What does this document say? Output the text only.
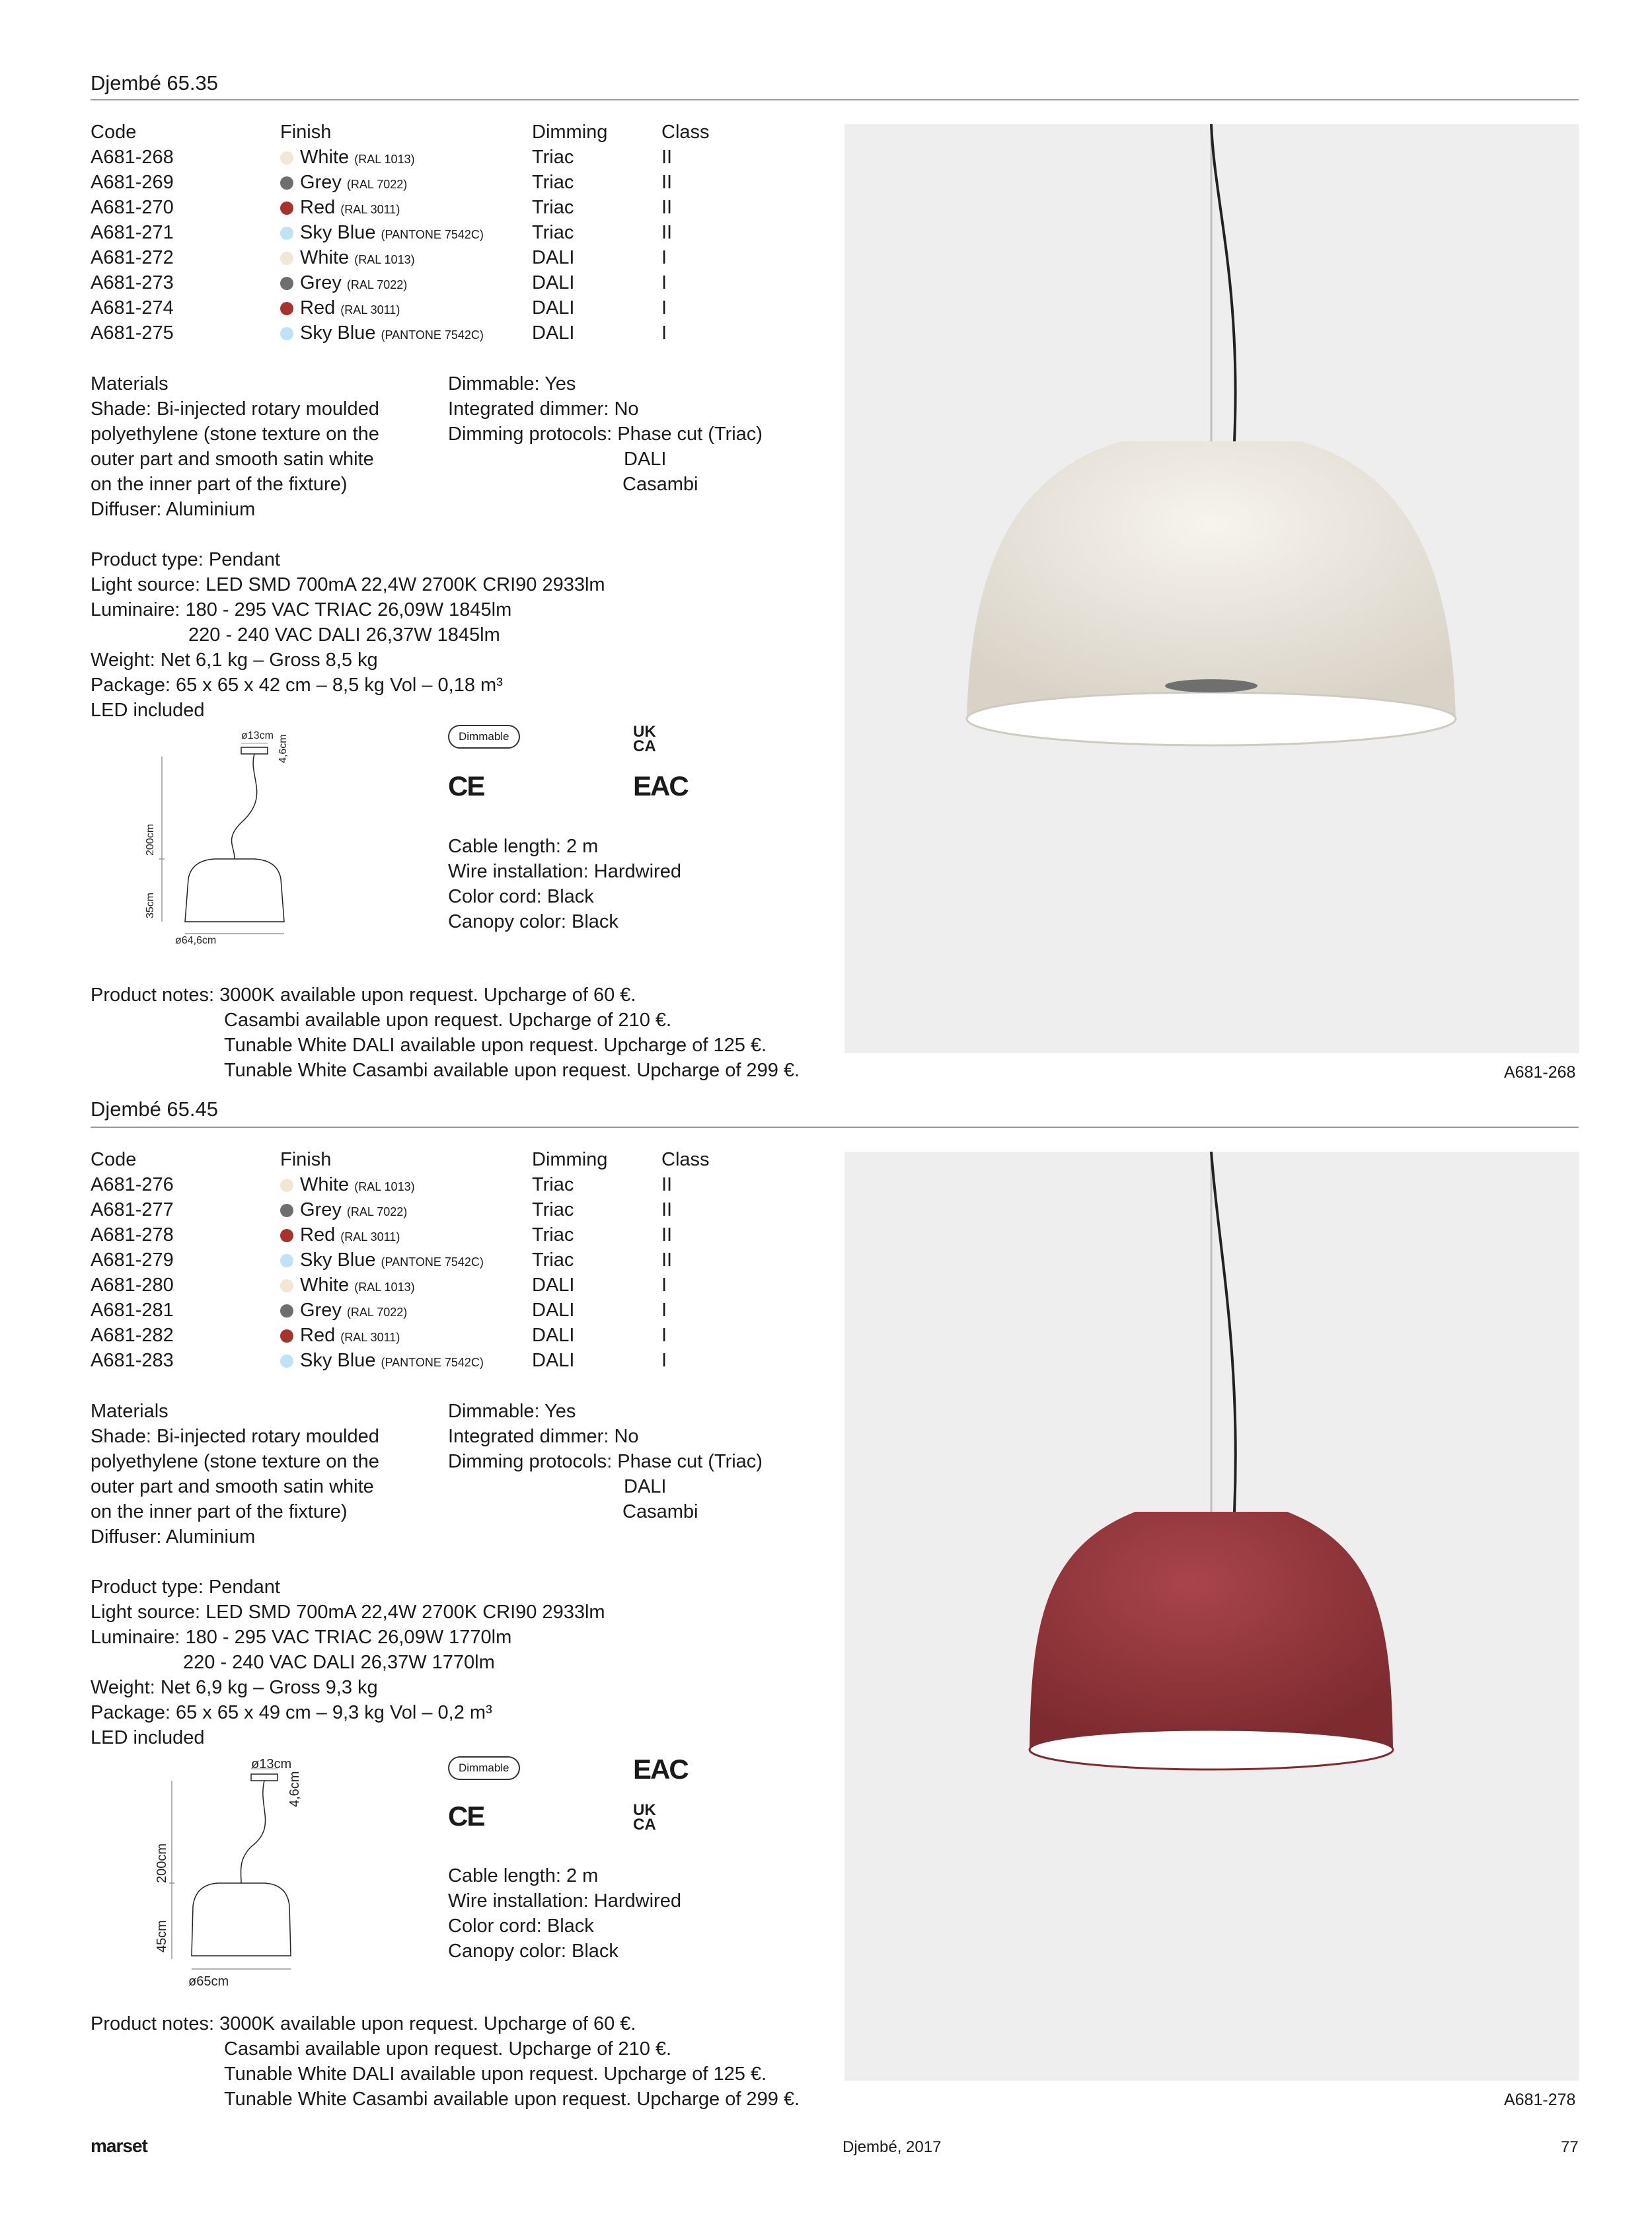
Djembé 65.35
Code	Finish	Dimming	Class
A681-268	White (RAL 1013)	Triac	II
A681-269	Grey (RAL 7022)	Triac	II
A681-270	Red (RAL 3011)	Triac	II
A681-271	Sky Blue (PANTONE 7542C)	Triac	II
A681-272	White (RAL 1013)	DALI	I
A681-273	Grey (RAL 7022)	DALI	I
A681-274	Red (RAL 3011)	DALI	I
A681-275	Sky Blue (PANTONE 7542C)	DALI	I
Materials
Shade: Bi-injected rotary moulded
polyethylene (stone texture on the
outer part and smooth satin white
on the inner part of the fixture)
Diffuser: Aluminium
Dimmable: Yes
Integrated dimmer: No
Dimming protocols: Phase cut (Triac)
DALI
Casambi
Product type: Pendant
Light source: LED SMD 700mA 22,4W 2700K CRI90 2933lm
Luminaire: 180 - 295 VAC TRIAC 26,09W 1845lm
220 - 240 VAC DALI 26,37W 1845lm
Weight: Net 6,1 kg – Gross 8,5 kg
Package: 65 x 65 x 42 cm – 8,5 kg Vol – 0,18 m³
LED included
ø13cm 4,6cm
200cm
35cm
ø64,6cm
Dimmable
CE
UK
CA
EAC
Cable length: 2 m
Wire installation: Hardwired
Color cord: Black
Canopy color: Black
Product notes: 3000K available upon request. Upcharge of 60 €.
Casambi available upon request. Upcharge of 210 €.
Tunable White DALI available upon request. Upcharge of 125 €.
Tunable White Casambi available upon request. Upcharge of 299 €.	A681-268
Djembé 65.45
Code	Finish	Dimming	Class
A681-276	White (RAL 1013)	Triac	II
A681-277	Grey (RAL 7022)	Triac	II
A681-278	Red (RAL 3011)	Triac	II
A681-279	Sky Blue (PANTONE 7542C)	Triac	II
A681-280	White (RAL 1013)	DALI	I
A681-281	Grey (RAL 7022)	DALI	I
A681-282	Red (RAL 3011)	DALI	I
A681-283	Sky Blue (PANTONE 7542C)	DALI	I
Materials
Shade: Bi-injected rotary moulded
polyethylene (stone texture on the
outer part and smooth satin white
on the inner part of the fixture)
Diffuser: Aluminium
Dimmable: Yes
Integrated dimmer: No
Dimming protocols: Phase cut (Triac)
DALI
Casambi
Product type: Pendant
Light source: LED SMD 700mA 22,4W 2700K CRI90 2933lm
Luminaire: 180 - 295 VAC TRIAC 26,09W 1770lm
220 - 240 VAC DALI 26,37W 1770lm
Weight: Net 6,9 kg – Gross 9,3 kg
Package: 65 x 65 x 49 cm – 9,3 kg Vol – 0,2 m³
LED included
ø13cm
4,6cm
200cm
45cm
ø65cm
Dimmable
CE
EAC
UK
CA
Cable length: 2 m
Wire installation: Hardwired
Color cord: Black
Canopy color: Black
Product notes: 3000K available upon request. Upcharge of 60 €.
Casambi available upon request. Upcharge of 210 €.
Tunable White DALI available upon request. Upcharge of 125 €.
Tunable White Casambi available upon request. Upcharge of 299 €.	A681-278
marset	Djembé, 2017	77
